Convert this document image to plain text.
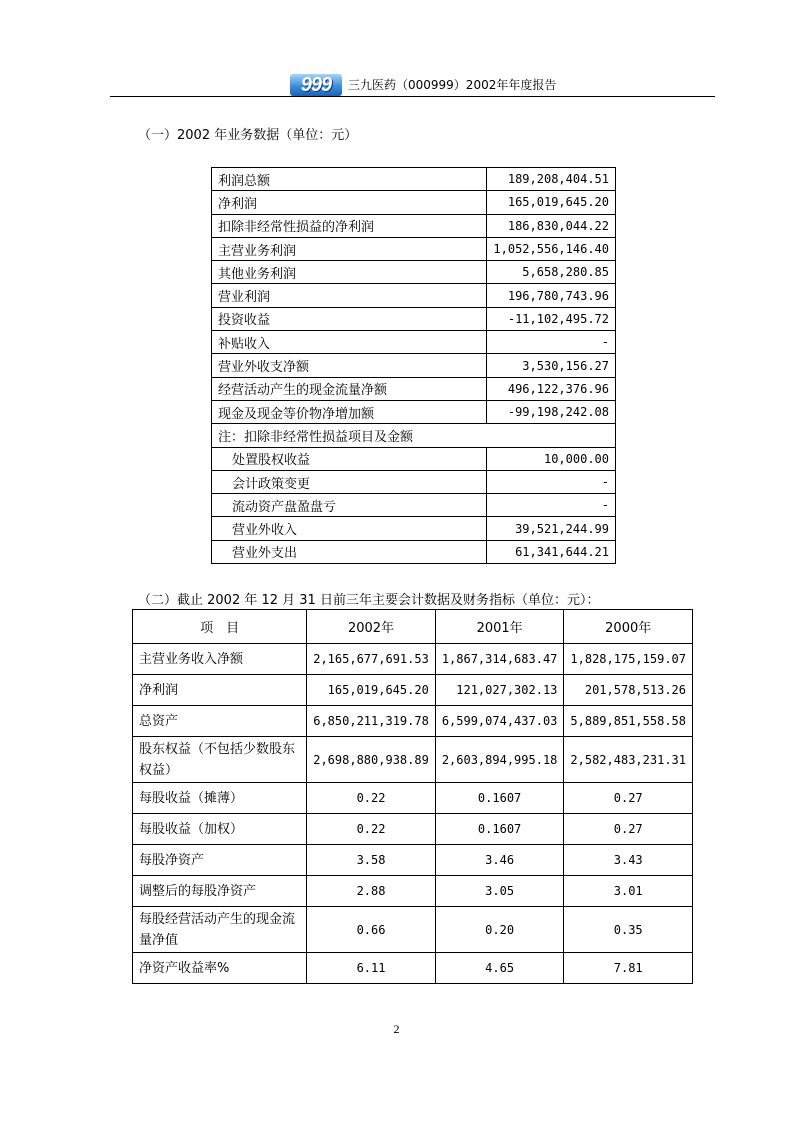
999	三九医药（000999）2002年年度报告
（一）2002 年业务数据（单位：元）
利润总额	189,208,404.51
净利润	165,019,645.20
扣除非经常性损益的净利润	186,830,044.22
主营业务利润	1,052,556,146.40
其他业务利润	5,658,280.85
营业利润	196,780,743.96
投资收益	-11,102,495.72
补贴收入	-
营业外收支净额	3,530,156.27
经营活动产生的现金流量净额	496,122,376.96
现金及现金等价物净增加额	-99,198,242.08
注：扣除非经常性损益项目及金额	
处置股权收益	10,000.00
会计政策变更	-
流动资产盘盈盘亏	-
营业外收入	39,521,244.99
营业外支出	61,341,644.21
（二）截止 2002 年 12 月 31 日前三年主要会计数据及财务指标（单位：元）：
项　目	2002年	2001年	2000年
主营业务收入净额	2,165,677,691.53	1,867,314,683.47	1,828,175,159.07
净利润	165,019,645.20	121,027,302.13	201,578,513.26
总资产	6,850,211,319.78	6,599,074,437.03	5,889,851,558.58
股东权益（不包括少数股东权益）	2,698,880,938.89	2,603,894,995.18	2,582,483,231.31
每股收益（摊薄）	0.22	0.1607	0.27
每股收益（加权）	0.22	0.1607	0.27
每股净资产	3.58	3.46	3.43
调整后的每股净资产	2.88	3.05	3.01
每股经营活动产生的现金流量净值	0.66	0.20	0.35
净资产收益率%	6.11	4.65	7.81
2
